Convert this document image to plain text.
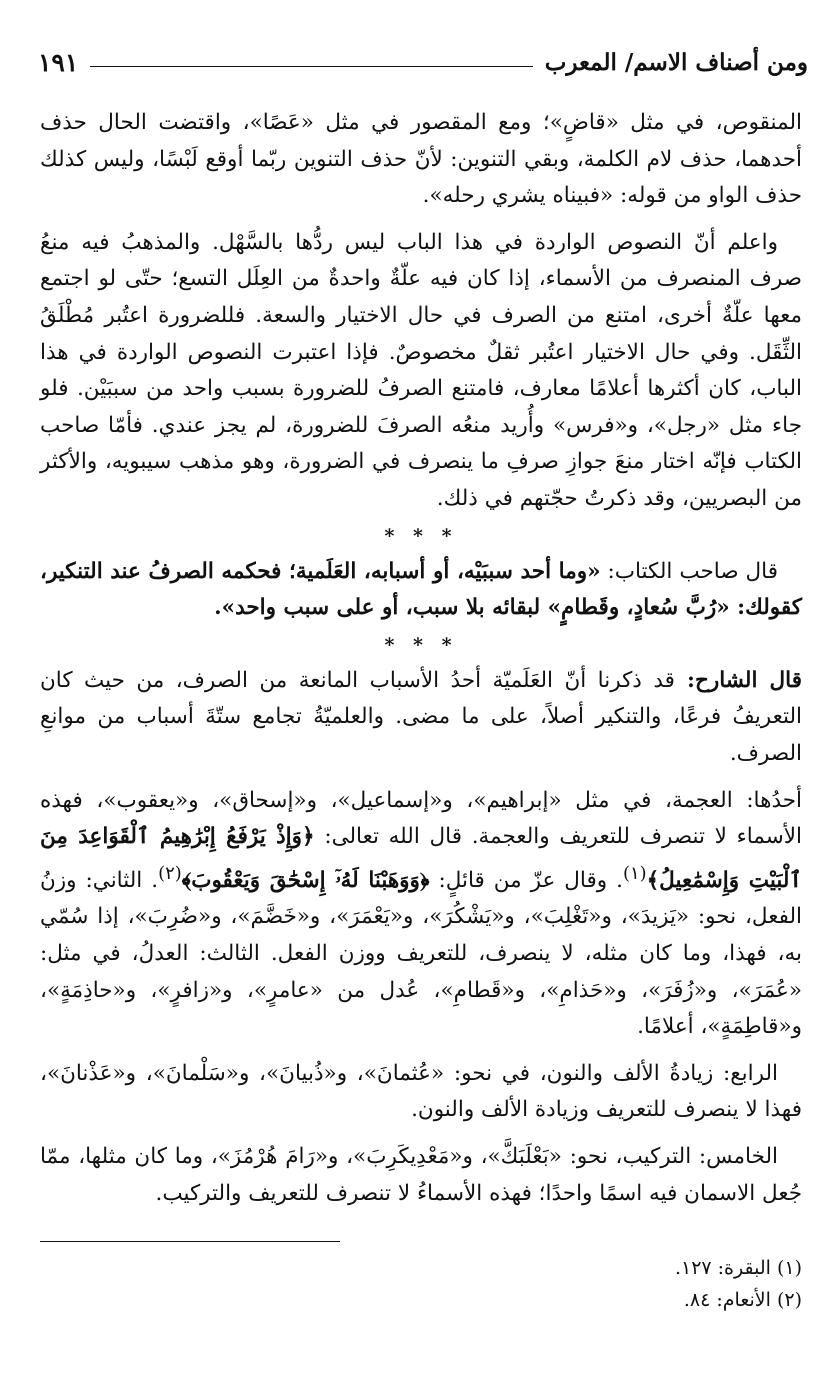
ومن أصناف الاسم/ المعرب
١٩١

المنقوص، في مثل «قاضٍ»؛ ومع المقصور في مثل «عَصًا»، واقتضت الحال حذف أحدهما، حذف لام الكلمة، وبقي التنوين: لأنّ حذف التنوين ربّما أوقع لَبْسًا، وليس كذلك حذف الواو من قوله: «فبيناه يشري رحله».

واعلم أنّ النصوص الواردة في هذا الباب ليس ردُّها بالسَّهْل. والمذهبُ فيه منعُ صرف المنصرف من الأسماء، إذا كان فيه علّةٌ واحدةٌ من العِلَل التسع؛ حتّى لو اجتمع معها علّةٌ أخرى، امتنع من الصرف في حال الاختيار والسعة. فللضرورة اعتُبر مُطْلَقُ الثِّقَل. وفي حال الاختيار اعتُبر ثقلٌ مخصوصٌ. فإذا اعتبرت النصوص الواردة في هذا الباب، كان أكثرها أعلامًا معارف، فامتنع الصرفُ للضرورة بسبب واحد من سببَيْن. فلو جاء مثل «رجل»، و«فرس» وأُريد منعُه الصرفَ للضرورة، لم يجز عندي. فأمّا صاحب الكتاب فإنّه اختار منعَ جوازِ صرفِ ما ينصرف في الضرورة، وهو مذهب سيبويه، والأكثر من البصريين، وقد ذكرتُ حجّتهم في ذلك.

* * *

قال صاحب الكتاب: «وما أحد سببَيْه، أو أسبابه، العَلَمية؛ فحكمه الصرفُ عند التنكير، كقولك: «رُبَّ سُعادٍ، وقَطامٍ» لبقائه بلا سبب، أو على سبب واحد».

* * *

قال الشارح: قد ذكرنا أنّ العَلَميّة أحدُ الأسباب المانعة من الصرف، من حيث كان التعريفُ فرعًا، والتنكير أصلاً، على ما مضى. والعلميّةُ تجامع ستّةَ أسباب من موانعِ الصرف.

أحدُها: العجمة، في مثل «إبراهيم»، و«إسماعيل»، و«إسحاق»، و«يعقوب»، فهذه الأسماء لا تنصرف للتعريف والعجمة. قال الله تعالى: ﴿وَإِذْ يَرْفَعُ إِبْرَٰهِيمُ ٱلْقَوَاعِدَ مِنَ ٱلْبَيْتِ وَإِسْمَٰعِيلُ﴾$^{(١)}$. وقال عزّ من قائلٍ: ﴿وَوَهَبْنَا لَهُۥٓ إِسْحَٰقَ وَيَعْقُوبَ﴾$^{(٢)}$. الثاني: وزنُ الفعل، نحو: «يَزيدَ»، و«تَغْلِبَ»، و«يَشْكُرَ»، و«يَعْمَرَ»، و«خَضَّمَ»، و«ضُرِبَ»، إذا سُمّي به، فهذا، وما كان مثله، لا ينصرف، للتعريف ووزن الفعل. الثالث: العدلُ، في مثل: «عُمَرَ»، و«زُفَرَ»، و«حَذامِ»، و«قَطامِ»، عُدل من «عامرٍ»، و«زافرٍ»، و«حاذِمَةٍ»، و«قاطِمَةٍ»، أعلامًا.

الرابع: زيادةُ الألف والنون، في نحو: «عُثمانَ»، و«ذُبيانَ»، و«سَلْمانَ»، و«عَذْنانَ»، فهذا لا ينصرف للتعريف وزيادة الألف والنون.

الخامس: التركيب، نحو: «بَعْلَبَكَّ»، و«مَعْدِيكَرِبَ»، و«رَامَ هُرْمُزَ»، وما كان مثلها، ممّا جُعل الاسمان فيه اسمًا واحدًا؛ فهذه الأسماءُ لا تنصرف للتعريف والتركيب.

(١) البقرة: ١٢٧.
(٢) الأنعام: ٨٤.
